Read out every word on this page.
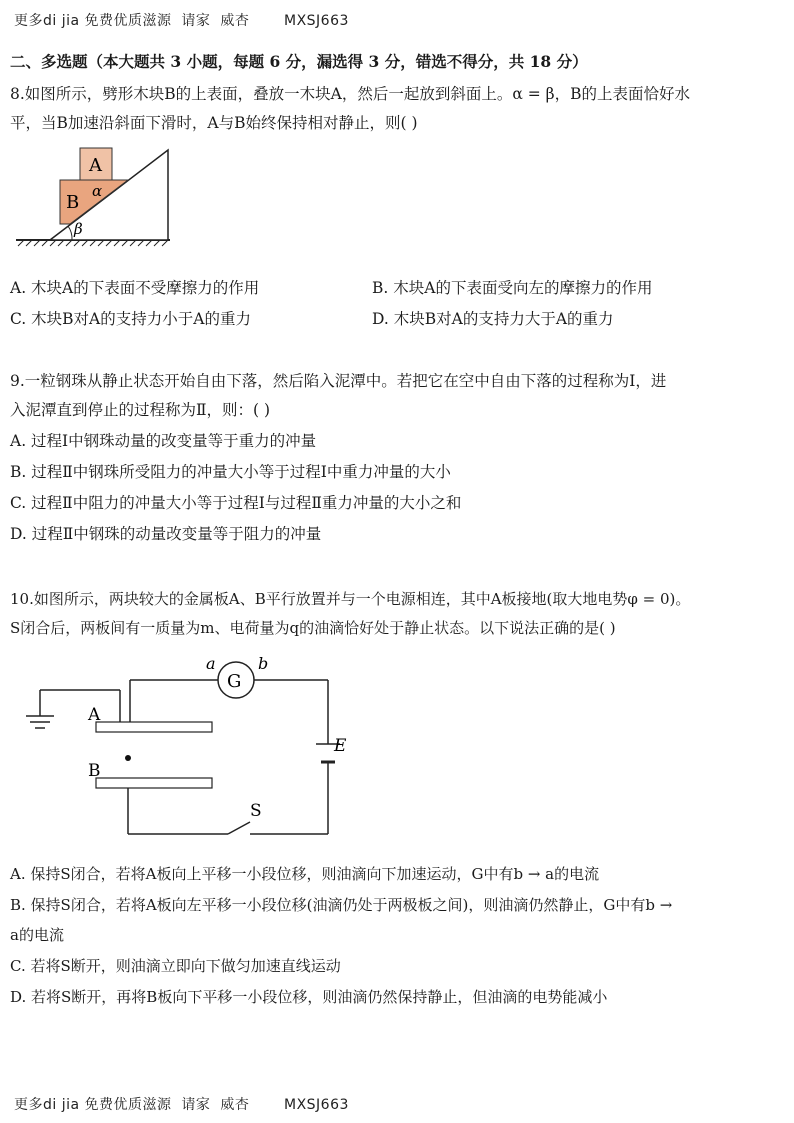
更多di jia 免费优质滋源  请家  威杏       MXSJ663
二、多选题（本大题共 3 小题，每题 6 分，漏选得 3 分，错选不得分，共 18 分）
8.如图所示，劈形木块B的上表面，叠放一木块A，然后一起放到斜面上。α = β，B的上表面恰好水
平，当B加速沿斜面下滑时，A与B始终保持相对静止，则( )
A
B
α
β
A. 木块A的下表面不受摩擦力的作用	B. 木块A的下表面受向左的摩擦力的作用
C. 木块B对A的支持力小于A的重力	D. 木块B对A的支持力大于A的重力
9.一粒钢珠从静止状态开始自由下落，然后陷入泥潭中。若把它在空中自由下落的过程称为Ⅰ，进
入泥潭直到停止的过程称为Ⅱ，则：( )
A. 过程Ⅰ中钢珠动量的改变量等于重力的冲量
B. 过程Ⅱ中钢珠所受阻力的冲量大小等于过程Ⅰ中重力冲量的大小
C. 过程Ⅱ中阻力的冲量大小等于过程Ⅰ与过程Ⅱ重力冲量的大小之和
D. 过程Ⅱ中钢珠的动量改变量等于阻力的冲量
10.如图所示，两块较大的金属板A、B平行放置并与一个电源相连，其中A板接地(取大地电势φ = 0)。
S闭合后，两板间有一质量为m、电荷量为q的油滴恰好处于静止状态。以下说法正确的是( )
G
a	b
A
B
E
S
A. 保持S闭合，若将A板向上平移一小段位移，则油滴向下加速运动，G中有b → a的电流
B. 保持S闭合，若将A板向左平移一小段位移(油滴仍处于两极板之间)，则油滴仍然静止，G中有b →
a的电流
C. 若将S断开，则油滴立即向下做匀加速直线运动
D. 若将S断开，再将B板向下平移一小段位移，则油滴仍然保持静止，但油滴的电势能减小
更多di jia 免费优质滋源  请家  威杏       MXSJ663
